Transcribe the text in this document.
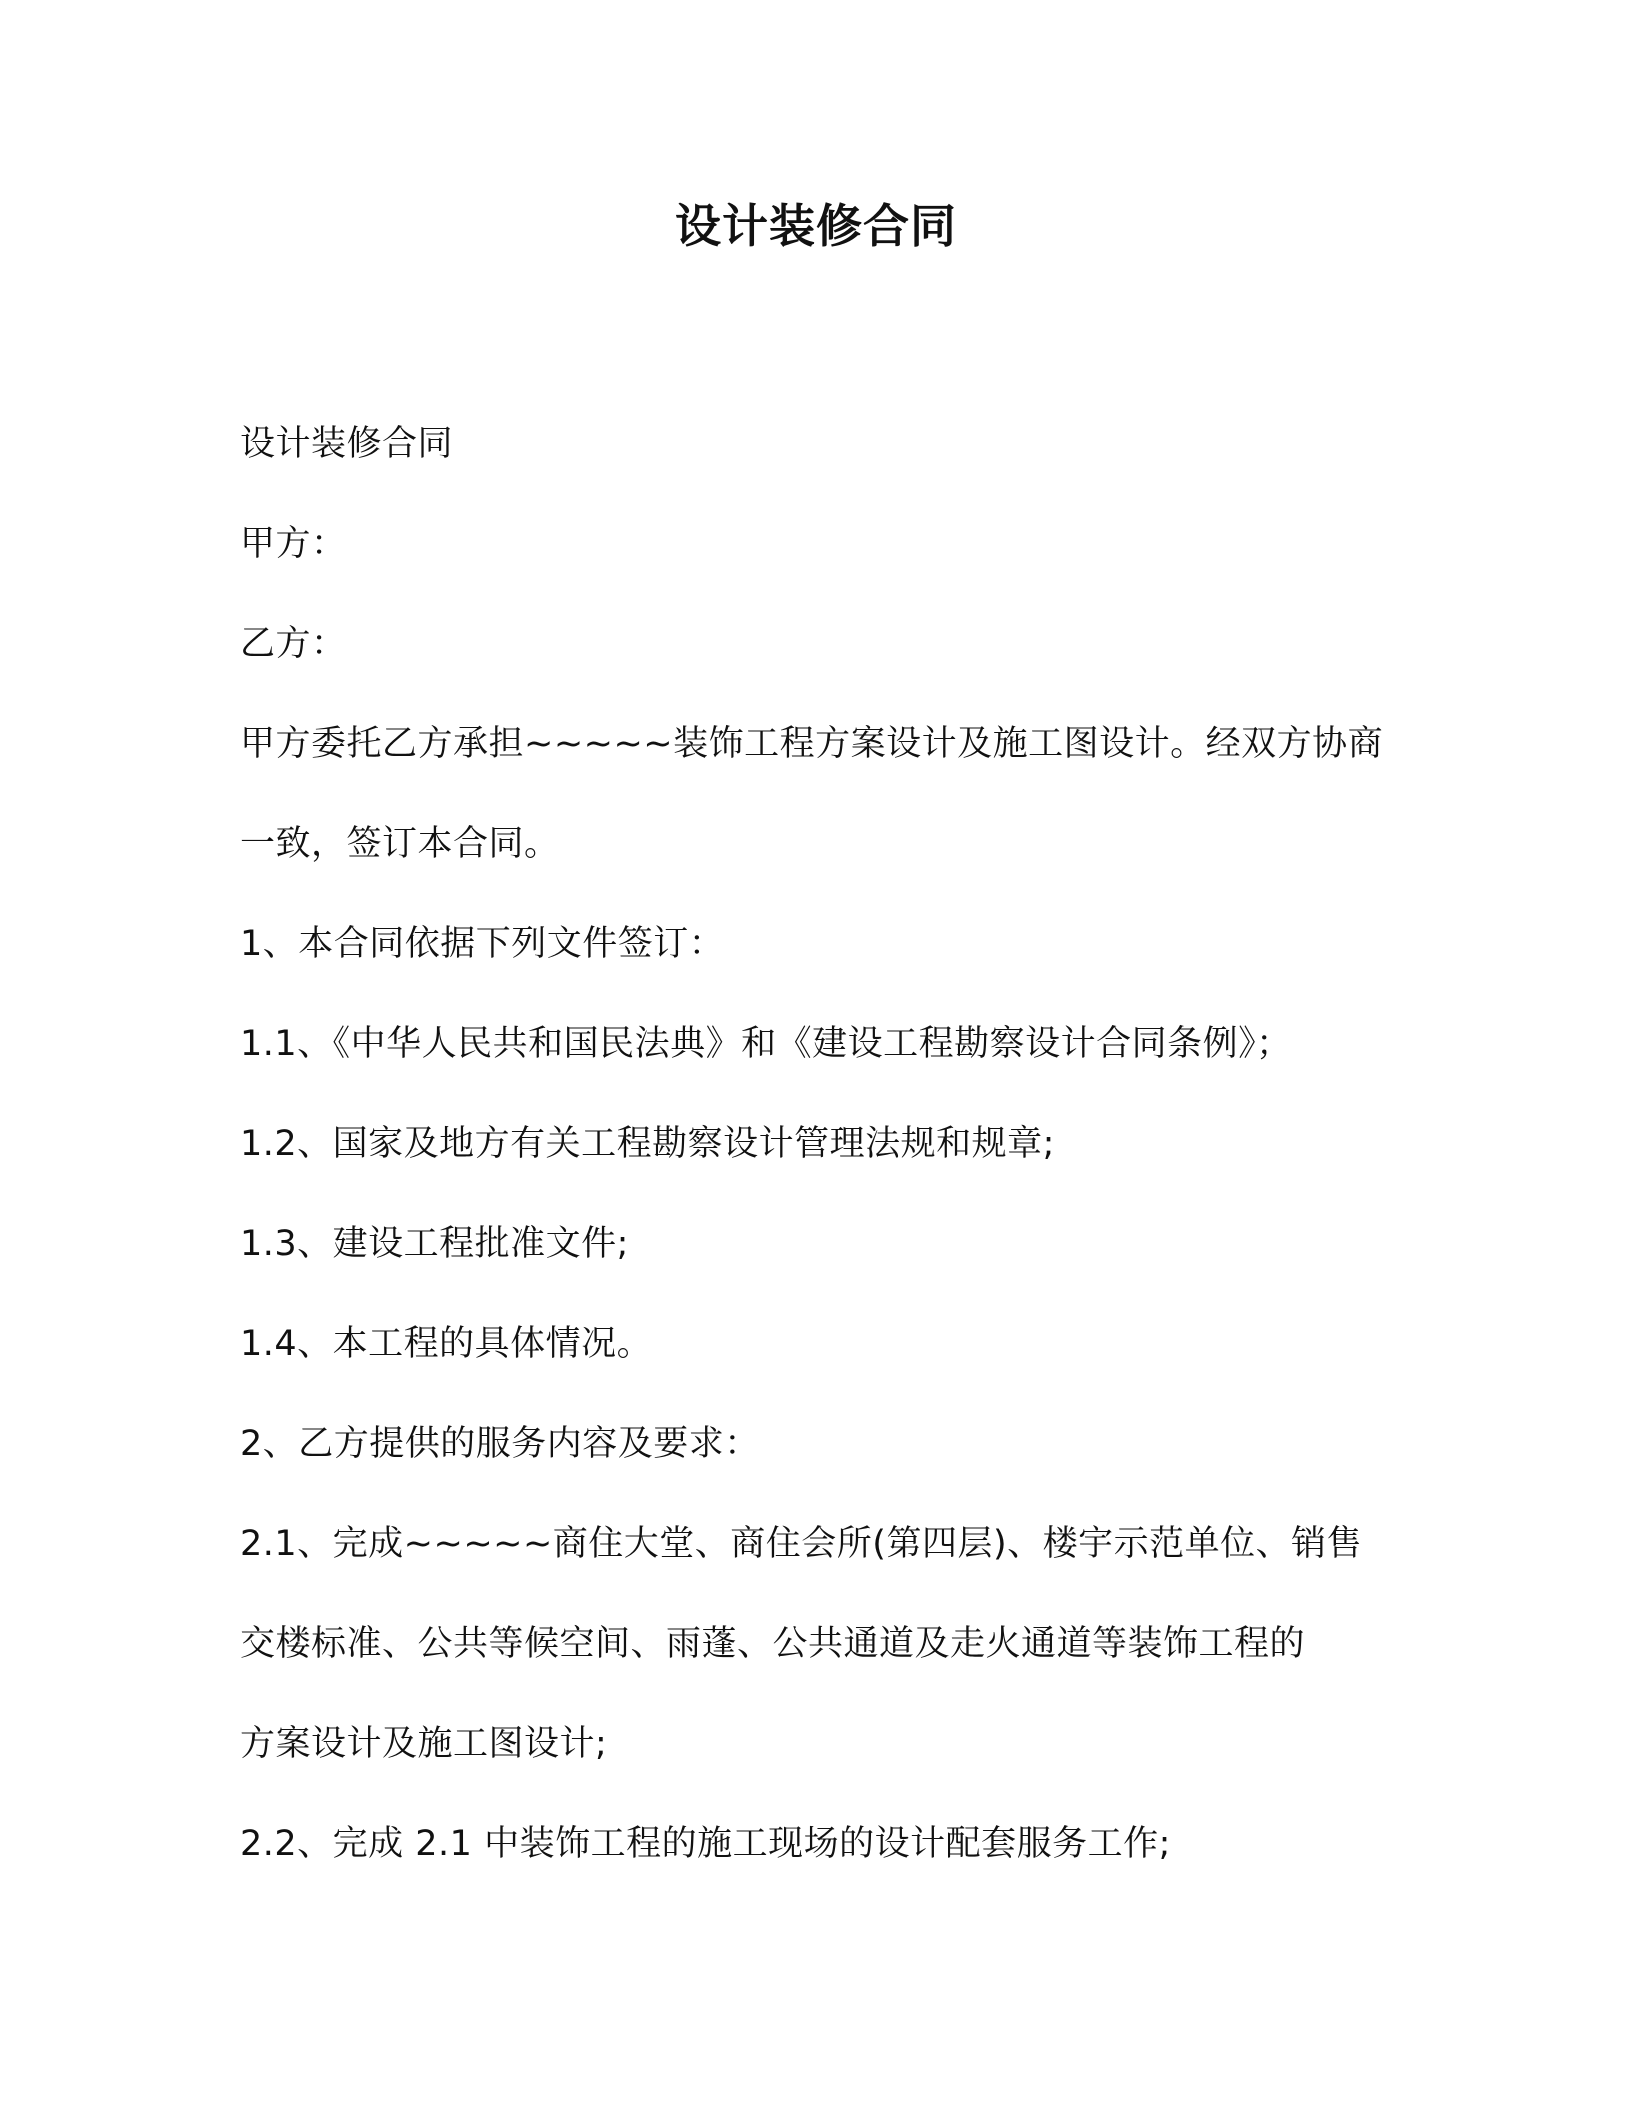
设计装修合同
设计装修合同
甲方：
乙方：
甲方委托乙方承担~~~~~装饰工程方案设计及施工图设计。经双方协商
一致，签订本合同。
1、本合同依据下列文件签订：
1.1、《中华人民共和国民法典》和《建设工程勘察设计合同条例》；
1.2、国家及地方有关工程勘察设计管理法规和规章;
1.3、建设工程批准文件;
1.4、本工程的具体情况。
2、乙方提供的服务内容及要求：
2.1、完成~~~~~商住大堂、商住会所(第四层)、楼宇示范单位、销售
交楼标准、公共等候空间、雨蓬、公共通道及走火通道等装饰工程的
方案设计及施工图设计;
2.2、完成 2.1 中装饰工程的施工现场的设计配套服务工作;
